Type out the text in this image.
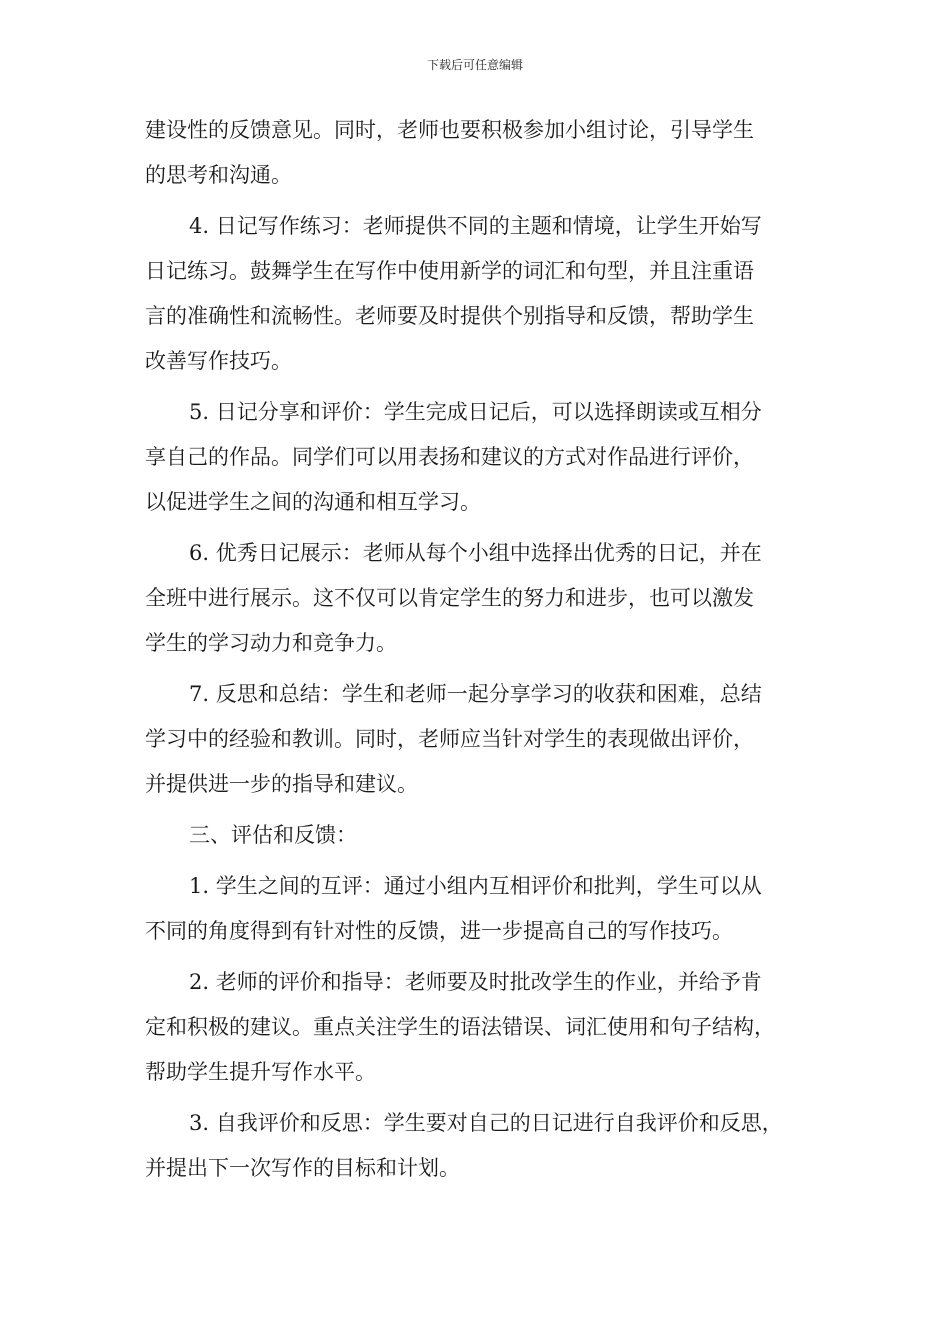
下载后可任意编辑
建设性的反馈意见。同时，老师也要积极参加小组讨论，引导学生
的思考和沟通。
4. 日记写作练习：老师提供不同的主题和情境，让学生开始写
日记练习。鼓舞学生在写作中使用新学的词汇和句型，并且注重语
言的准确性和流畅性。老师要及时提供个别指导和反馈，帮助学生
改善写作技巧。
5. 日记分享和评价：学生完成日记后，可以选择朗读或互相分
享自己的作品。同学们可以用表扬和建议的方式对作品进行评价，
以促进学生之间的沟通和相互学习。
6. 优秀日记展示：老师从每个小组中选择出优秀的日记，并在
全班中进行展示。这不仅可以肯定学生的努力和进步，也可以激发
学生的学习动力和竞争力。
7. 反思和总结：学生和老师一起分享学习的收获和困难，总结
学习中的经验和教训。同时，老师应当针对学生的表现做出评价，
并提供进一步的指导和建议。
三、评估和反馈：
1. 学生之间的互评：通过小组内互相评价和批判，学生可以从
不同的角度得到有针对性的反馈，进一步提高自己的写作技巧。
2. 老师的评价和指导：老师要及时批改学生的作业，并给予肯
定和积极的建议。重点关注学生的语法错误、词汇使用和句子结构，
帮助学生提升写作水平。
3. 自我评价和反思：学生要对自己的日记进行自我评价和反思，
并提出下一次写作的目标和计划。
